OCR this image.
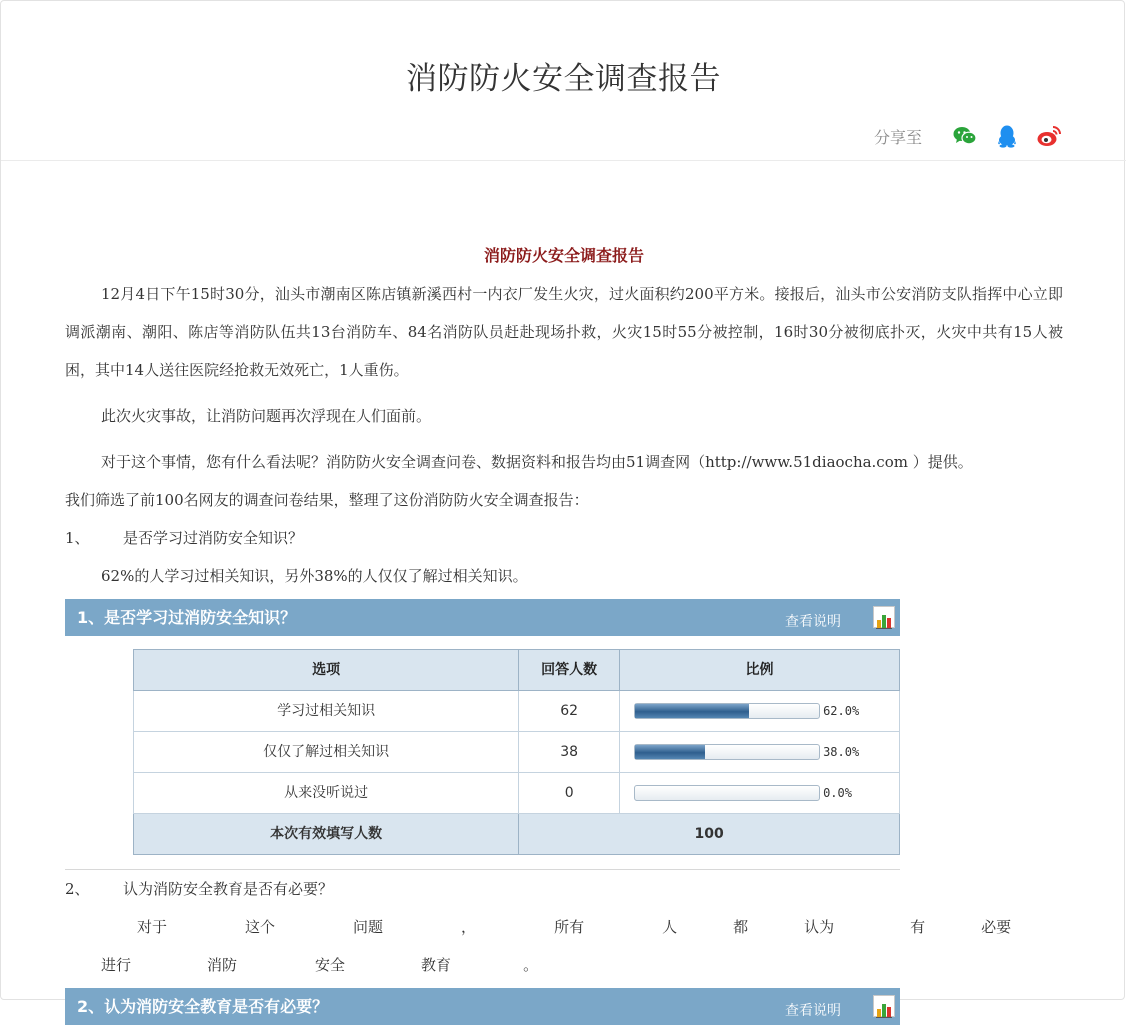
消防防火安全调查报告
分享至
消防防火安全调查报告

12月4日下午15时30分，汕头市潮南区陈店镇新溪西村一内衣厂发生火灾，过火面积约200平方米。接报后，汕头市公安消防支队指挥中心立即调派潮南、潮阳、陈店等消防队伍共13台消防车、84名消防队员赶赴现场扑救，火灾15时55分被控制，16时30分被彻底扑灭，火灾中共有15人被困，其中14人送往医院经抢救无效死亡，1人重伤。

此次火灾事故，让消防问题再次浮现在人们面前。

对于这个事情，您有什么看法呢？消防防火安全调查问卷、数据资料和报告均由51调查网（http://www.51diaocha.com ）提供。

我们筛选了前100名网友的调查问卷结果，整理了这份消防防火安全调查报告：

1、	是否学习过消防安全知识？

62%的人学习过相关知识，另外38%的人仅仅了解过相关知识。

1、是否学习过消防安全知识？	查看说明
选项	回答人数	比例
学习过相关知识	62	62.0%
仅仅了解过相关知识	38	38.0%
从来没听说过	0	0.0%
本次有效填写人数	100	

2、	认为消防安全教育是否有必要？

对于	这个	问题	，	所有	人	都	认为	有	必要进行	消防	安全	教育	。

2、认为消防安全教育是否有必要？	查看说明
